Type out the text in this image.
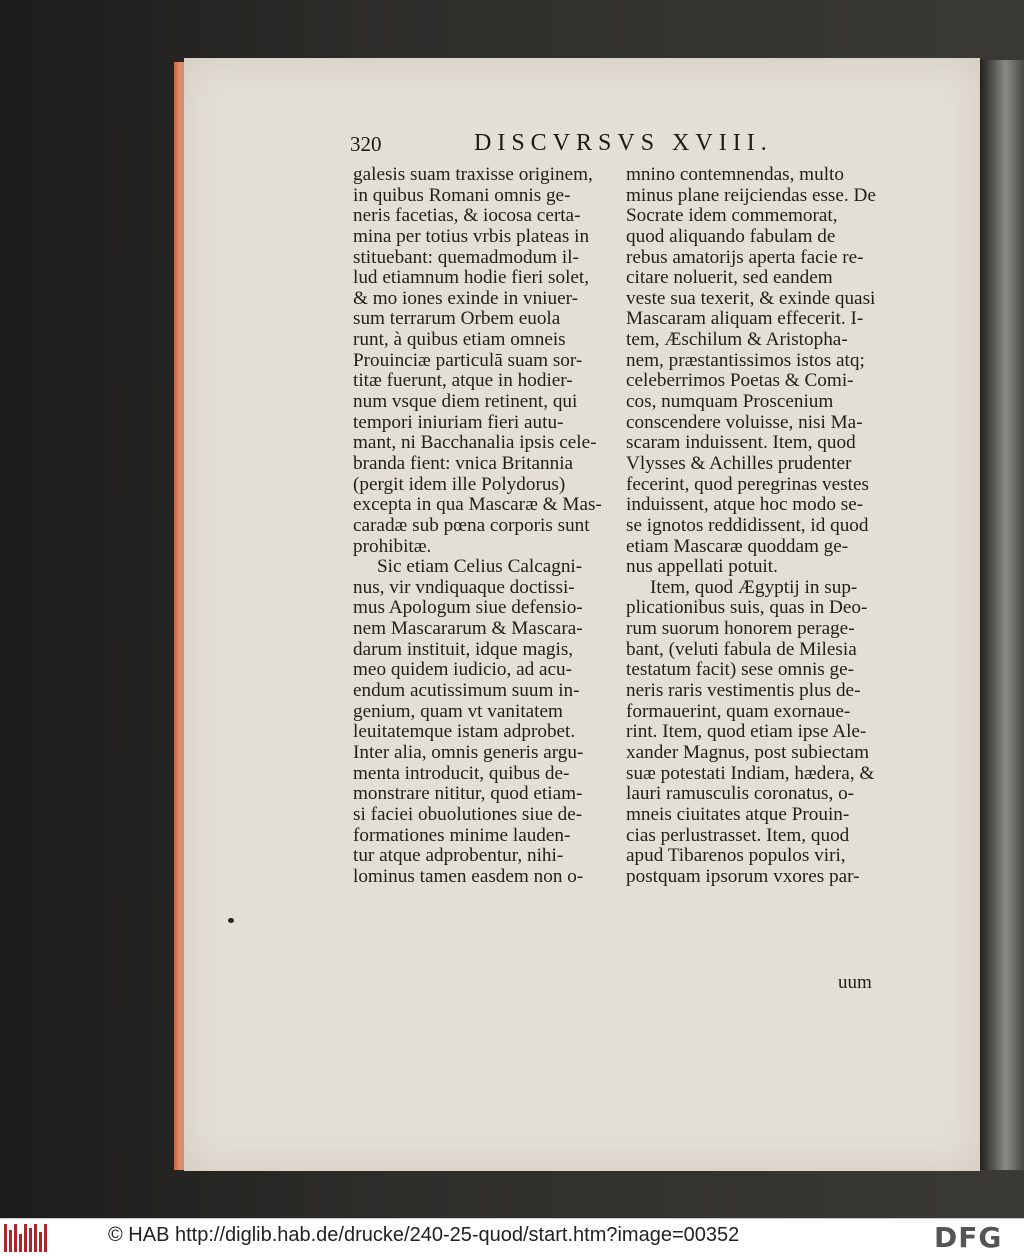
320	DISCVRSVS XVIII.
galesis suam traxisse originem,
in quibus Romani omnis ge-
neris facetias, & iocosa certa-
mina per totius vrbis plateas in
stituebant: quemadmodum il-
lud etiamnum hodie fieri solet,
& mo iones exinde in vniuer-
sum terrarum Orbem euola
runt, à quibus etiam omneis
Prouinciæ particulā suam sor-
titæ fuerunt, atque in hodier-
num vsque diem retinent, qui
tempori iniuriam fieri autu-
mant, ni Bacchanalia ipsis cele-
branda fient: vnica Britannia
(pergit idem ille Polydorus)
excepta in qua Mascaræ & Mas-
caradæ sub pœna corporis sunt
prohibitæ.
Sic etiam Celius Calcagni-
nus, vir vndiquaque doctissi-
mus Apologum siue defensio-
nem Mascararum & Mascara-
darum instituit, idque magis,
meo quidem iudicio, ad acu-
endum acutissimum suum in-
genium, quam vt vanitatem
leuitatemque istam adprobet.
Inter alia, omnis generis argu-
menta introducit, quibus de-
monstrare nititur, quod etiam-
si faciei obuolutiones siue de-
formationes minime lauden-
tur atque adprobentur, nihi-
lominus tamen easdem non o-
mnino contemnendas, multo
minus plane reijciendas esse. De
Socrate idem commemorat,
quod aliquando fabulam de
rebus amatorijs aperta facie re-
citare noluerit, sed eandem
veste sua texerit, & exinde quasi
Mascaram aliquam effecerit. I-
tem, Æschilum & Aristopha-
nem, præstantissimos istos atq;
celeberrimos Poetas & Comi-
cos, numquam Proscenium
conscendere voluisse, nisi Ma-
scaram induissent. Item, quod
Vlysses & Achilles prudenter
fecerint, quod peregrinas vestes
induissent, atque hoc modo se-
se ignotos reddidissent, id quod
etiam Mascaræ quoddam ge-
nus appellati potuit.
Item, quod Ægyptij in sup-
plicationibus suis, quas in Deo-
rum suorum honorem perage-
bant, (veluti fabula de Milesia
testatum facit) sese omnis ge-
neris raris vestimentis plus de-
formauerint, quam exornaue-
rint. Item, quod etiam ipse Ale-
xander Magnus, post subiectam
suæ potestati Indiam, hædera, &
lauri ramusculis coronatus, o-
mneis ciuitates atque Prouin-
cias perlustrasset. Item, quod
apud Tibarenos populos viri,
postquam ipsorum vxores par-
uum
© HAB http://diglib.hab.de/drucke/240-25-quod/start.htm?image=00352	DFG
